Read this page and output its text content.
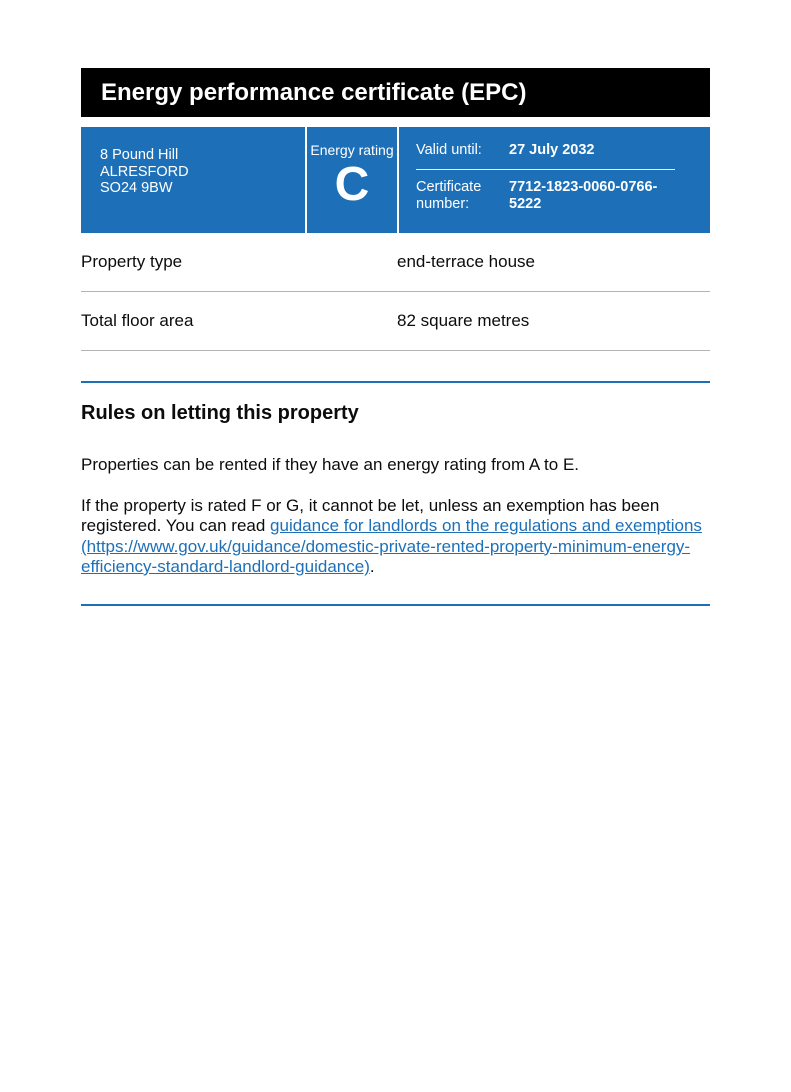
Energy performance certificate (EPC)
8 Pound Hill
ALRESFORD
SO24 9BW
Energy rating
C
Valid until:	27 July 2032
Certificate number:
7712-1823-0060-0766-5222
Property type	end-terrace house
Total floor area	82 square metres
Rules on letting this property

Properties can be rented if they have an energy rating from A to E.

If the property is rated F or G, it cannot be let, unless an exemption has been registered. You can read guidance for landlords on the regulations and exemptions (https://www.gov.uk/guidance/domestic-private-rented-property-minimum-energy-efficiency-standard-landlord-guidance).
